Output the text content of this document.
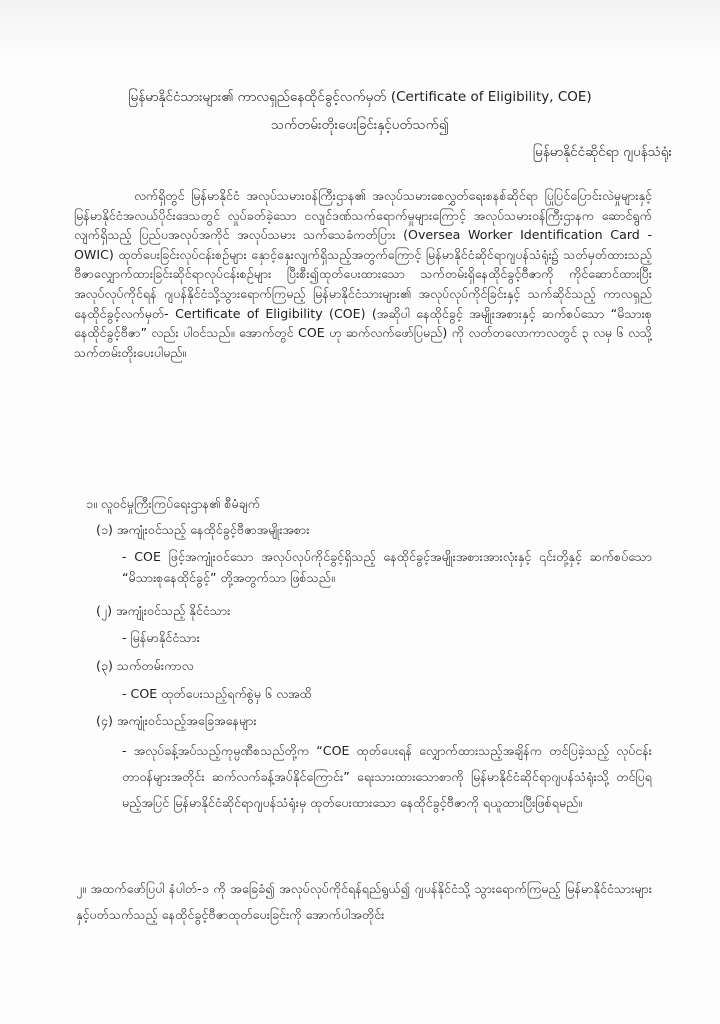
မြန်မာနိုင်ငံသားများ၏ ကာလရှည်နေထိုင်ခွင့်လက်မှတ် (Certificate of Eligibility, COE)
သက်တမ်းတိုးပေးခြင်းနှင့်ပတ်သက်၍
မြန်မာနိုင်ငံဆိုင်ရာ ဂျပန်သံရုံး
လက်ရှိတွင် မြန်မာနိုင်ငံ အလုပ်သမားဝန်ကြီးဌာန၏ အလုပ်သမားစေလွှတ်ရေးစနစ်ဆိုင်ရာ ပြုပြင်ပြောင်းလဲမှုများနှင့် မြန်မာနိုင်ငံအလယ်ပိုင်းဒေသတွင် လှုပ်ခတ်ခဲ့သော ငလျင်ဒဏ်သက်ရောက်မှုများကြောင့် အလုပ်သမားဝန်ကြီးဌာနက ဆောင်ရွက်လျက်ရှိသည့် ပြည်ပအလုပ်အကိုင် အလုပ်သမား သက်သေခံကတ်ပြား (Oversea Worker Identification Card - OWIC) ထုတ်ပေးခြင်းလုပ်ငန်းစဉ်များ နှောင့်နှေးလျက်ရှိသည့်အတွက်ကြောင့် မြန်မာနိုင်ငံဆိုင်ရာဂျပန်သံရုံး၌ သတ်မှတ်ထားသည့် ဗီဇာလျှောက်ထားခြင်းဆိုင်ရာလုပ်ငန်းစဉ်များ ပြီးစီး၍ထုတ်ပေးထားသော သက်တမ်းရှိနေထိုင်ခွင့်ဗီဇာကို ကိုင်ဆောင်ထားပြီး အလုပ်လုပ်ကိုင်ရန် ဂျပန်နိုင်ငံသို့သွားရောက်ကြမည့် မြန်မာနိုင်ငံသားများ၏ အလုပ်လုပ်ကိုင်ခြင်းနှင့် သက်ဆိုင်သည့် ကာလရှည်နေထိုင်ခွင့်လက်မှတ်- Certificate of Eligibility (COE) (အဆိုပါ နေထိုင်ခွင့် အမျိုးအစားနှင့် ဆက်စပ်သော “မိသားစု နေထိုင်ခွင့်ဗီဇာ” လည်း ပါဝင်သည်။ အောက်တွင် COE ဟု ဆက်လက်ဖော်ပြမည်) ကို လတ်တလောကာလတွင် ၃ လမှ ၆ လသို့ သက်တမ်းတိုးပေးပါမည်။
၁။ လူဝင်မှုကြီးကြပ်ရေးဌာန၏ စီမံချက်
(၁) အကျုံးဝင်သည့် နေထိုင်ခွင့်ဗီဇာအမျိုးအစား
- COE ဖြင့်အကျုံးဝင်သော အလုပ်လုပ်ကိုင်ခွင့်ရှိသည့် နေထိုင်ခွင့်အမျိုးအစားအားလုံးနှင့် ၎င်းတို့နှင့် ဆက်စပ်သော “မိသားစုနေထိုင်ခွင့်” တို့အတွက်သာ ဖြစ်သည်။
(၂) အကျုံးဝင်သည့် နိုင်ငံသား
- မြန်မာနိုင်ငံသား
(၃) သက်တမ်းကာလ
- COE ထုတ်ပေးသည့်ရက်စွဲမှ ၆ လအထိ
(၄) အကျုံးဝင်သည့်အခြေအနေများ
- အလုပ်ခန့်အပ်သည့်ကုမ္ပဏီစသည်တို့က “COE ထုတ်ပေးရန် လျှောက်ထားသည့်အချိန်က တင်ပြခဲ့သည့် လုပ်ငန်းတာဝန်များအတိုင်း ဆက်လက်ခန့်အပ်နိုင်ကြောင်း” ရေးသားထားသောစာကို မြန်မာနိုင်ငံဆိုင်ရာဂျပန်သံရုံးသို့ တင်ပြရမည့်အပြင် မြန်မာနိုင်ငံဆိုင်ရာဂျပန်သံရုံးမှ ထုတ်ပေးထားသော နေထိုင်ခွင့်ဗီဇာကို ရယူထားပြီးဖြစ်ရမည်။
၂။ အထက်ဖော်ပြပါ နံပါတ်-၁ ကို အခြေခံ၍ အလုပ်လုပ်ကိုင်ရန်ရည်ရွယ်၍ ဂျပန်နိုင်ငံသို့ သွားရောက်ကြမည့် မြန်မာနိုင်ငံသားများနှင့်ပတ်သက်သည့် နေထိုင်ခွင့်ဗီဇာထုတ်ပေးခြင်းကို အောက်ပါအတိုင်း
